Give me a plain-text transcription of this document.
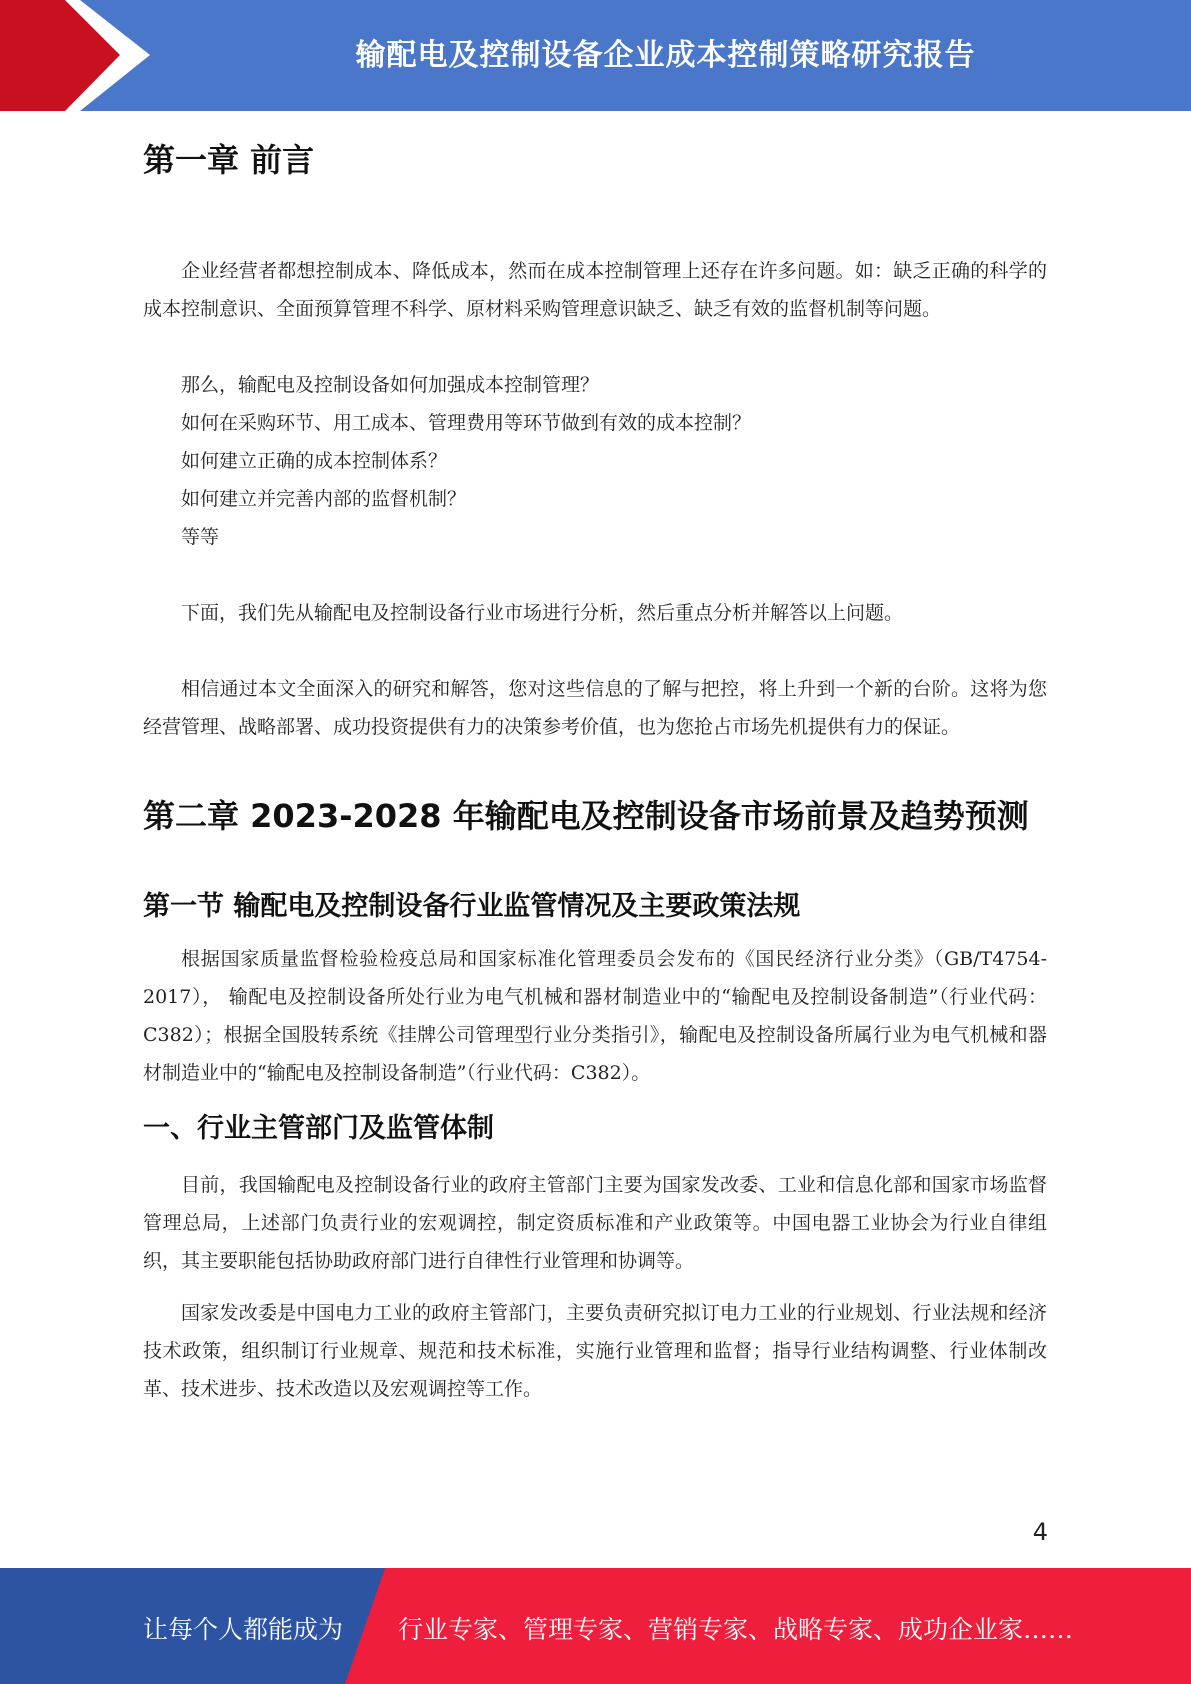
输配电及控制设备企业成本控制策略研究报告
第一章 前言

企业经营者都想控制成本、降低成本，然而在成本控制管理上还存在许多问题。如：缺乏正确的科学的成本控制意识、全面预算管理不科学、原材料采购管理意识缺乏、缺乏有效的监督机制等问题。

那么，输配电及控制设备如何加强成本控制管理？

如何在采购环节、用工成本、管理费用等环节做到有效的成本控制？

如何建立正确的成本控制体系？

如何建立并完善内部的监督机制？

等等

下面，我们先从输配电及控制设备行业市场进行分析，然后重点分析并解答以上问题。

相信通过本文全面深入的研究和解答，您对这些信息的了解与把控，将上升到一个新的台阶。这将为您经营管理、战略部署、成功投资提供有力的决策参考价值，也为您抢占市场先机提供有力的保证。

第二章 2023-2028 年输配电及控制设备市场前景及趋势预测
第一节 输配电及控制设备行业监管情况及主要政策法规

根据国家质量监督检验检疫总局和国家标准化管理委员会发布的《国民经济行业分类》（GB/T4754-2017）， 输配电及控制设备所处行业为电气机械和器材制造业中的“输配电及控制设备制造”（行业代码：C382）；根据全国股转系统《挂牌公司管理型行业分类指引》，输配电及控制设备所属行业为电气机械和器材制造业中的“输配电及控制设备制造”（行业代码：C382）。

一、行业主管部门及监管体制

目前，我国输配电及控制设备行业的政府主管部门主要为国家发改委、工业和信息化部和国家市场监督管理总局，上述部门负责行业的宏观调控，制定资质标准和产业政策等。中国电器工业协会为行业自律组织，其主要职能包括协助政府部门进行自律性行业管理和协调等。

国家发改委是中国电力工业的政府主管部门，主要负责研究拟订电力工业的行业规划、行业法规和经济技术政策，组织制订行业规章、规范和技术标准，实施行业管理和监督；指导行业结构调整、行业体制改革、技术进步、技术改造以及宏观调控等工作。

4
让每个人都能成为 行业专家、管理专家、营销专家、战略专家、成功企业家……
